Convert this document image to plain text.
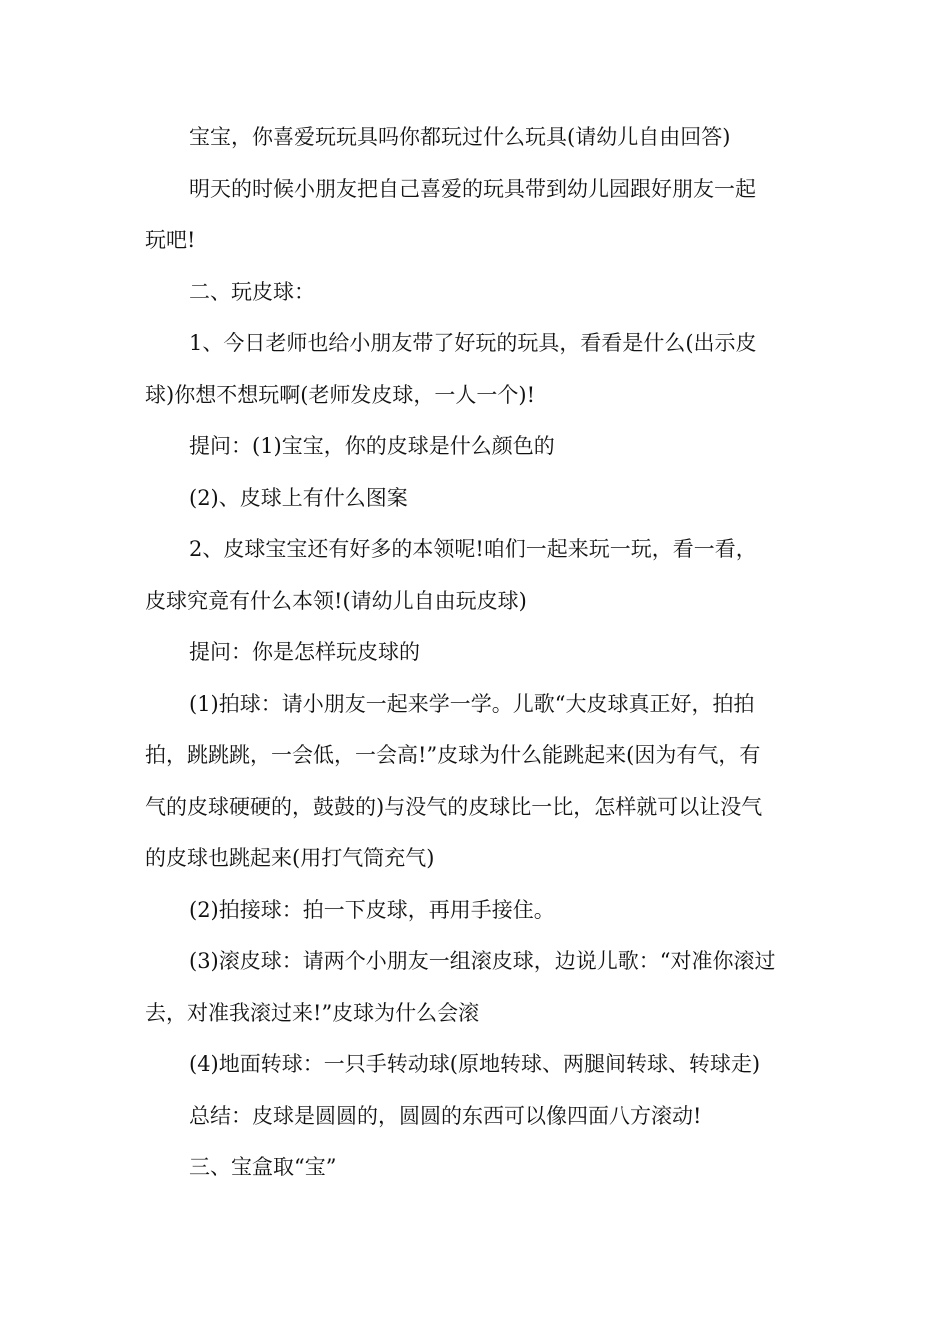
宝宝，你喜爱玩玩具吗你都玩过什么玩具(请幼儿自由回答)

明天的时候小朋友把自己喜爱的玩具带到幼儿园跟好朋友一起
玩吧!

二、玩皮球：

1、今日老师也给小朋友带了好玩的玩具，看看是什么(出示皮
球)你想不想玩啊(老师发皮球，一人一个)!

提问：(1)宝宝，你的皮球是什么颜色的

(2)、皮球上有什么图案

2、皮球宝宝还有好多的本领呢!咱们一起来玩一玩，看一看，
皮球究竟有什么本领!(请幼儿自由玩皮球)

提问：你是怎样玩皮球的

(1)拍球：请小朋友一起来学一学。儿歌“大皮球真正好，拍拍
拍，跳跳跳，一会低，一会高!”皮球为什么能跳起来(因为有气，有
气的皮球硬硬的，鼓鼓的)与没气的皮球比一比，怎样就可以让没气
的皮球也跳起来(用打气筒充气)

(2)拍接球：拍一下皮球，再用手接住。

(3)滚皮球：请两个小朋友一组滚皮球，边说儿歌：“对准你滚过
去，对准我滚过来!”皮球为什么会滚

(4)地面转球：一只手转动球(原地转球、两腿间转球、转球走)

总结：皮球是圆圆的，圆圆的东西可以像四面八方滚动!

三、宝盒取“宝”
